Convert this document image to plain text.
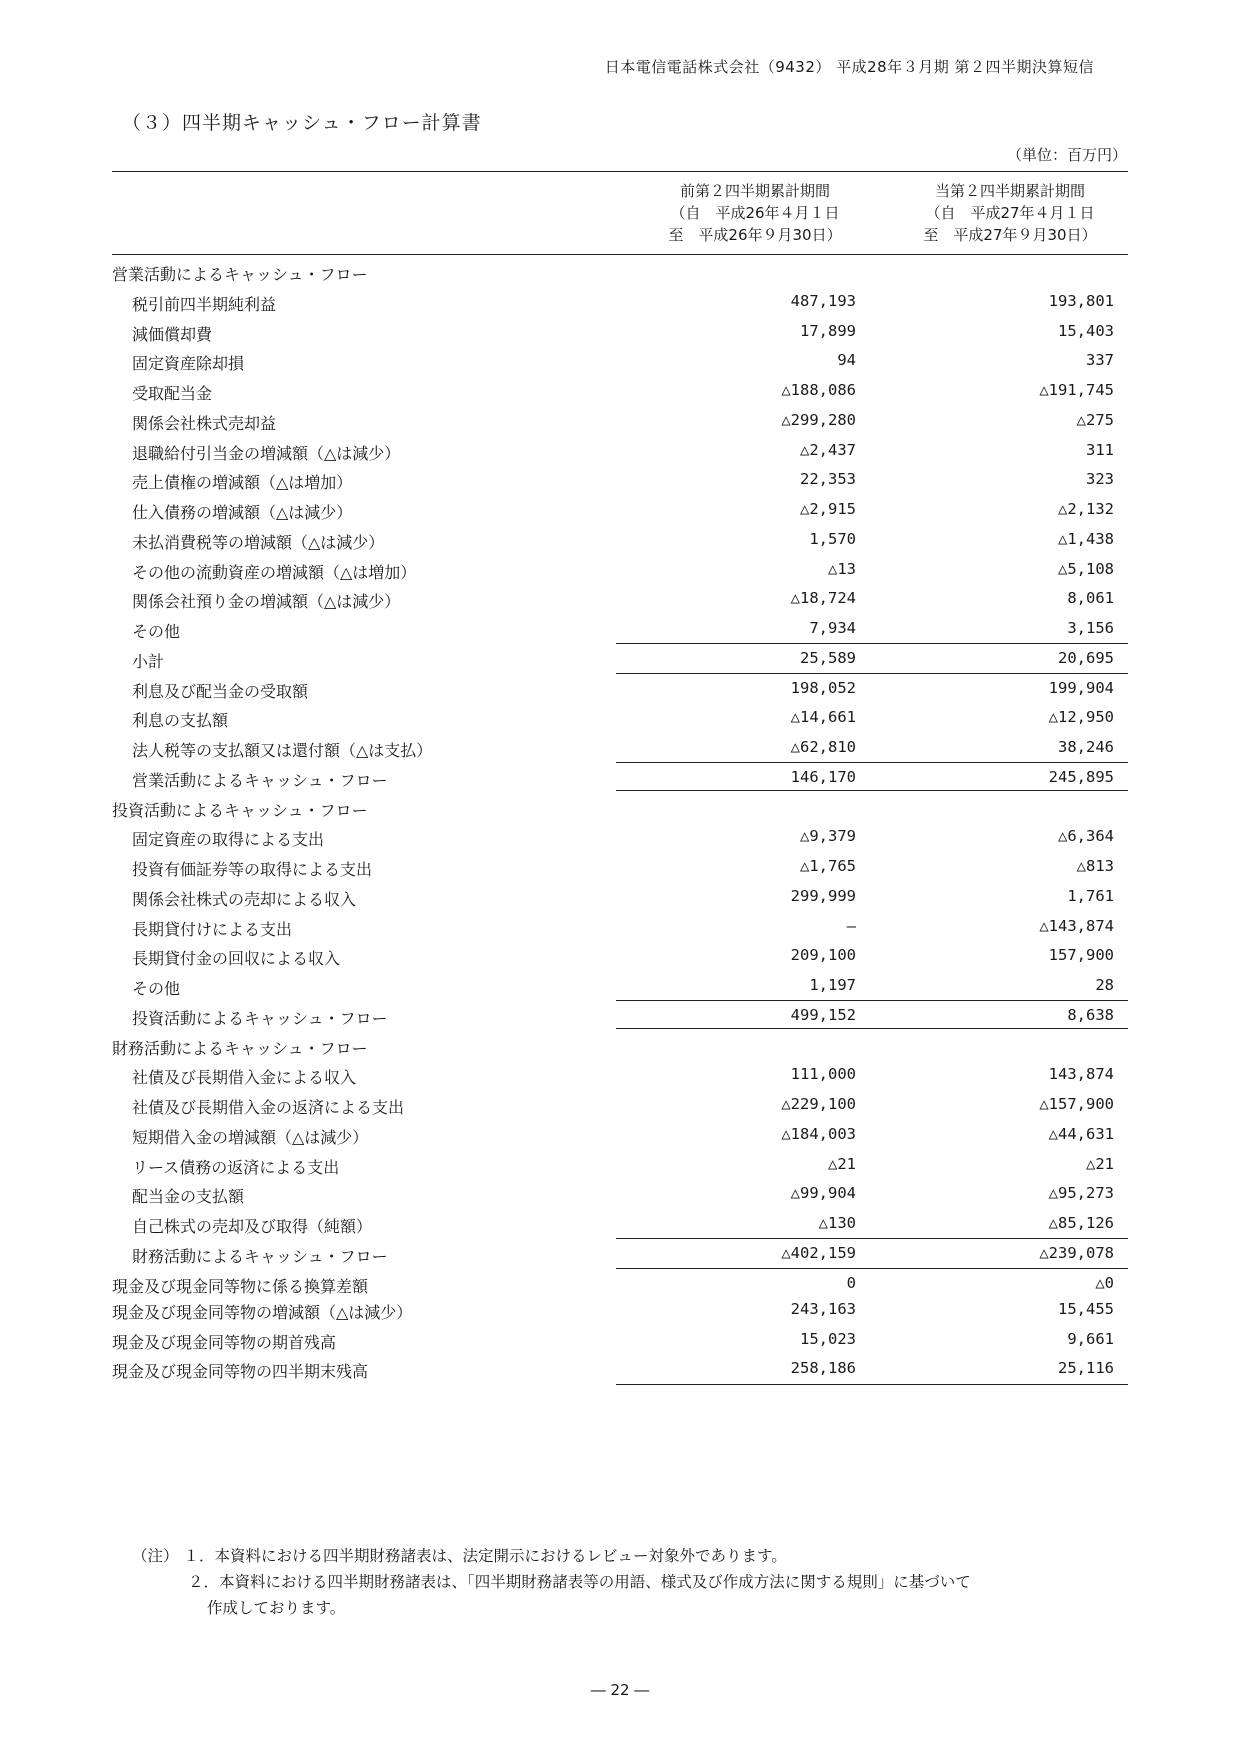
日本電信電話株式会社（9432） 平成28年３月期 第２四半期決算短信
（３）四半期キャッシュ・フロー計算書
（単位：百万円）
前第２四半期累計期間
（自　平成26年４月１日
至　平成26年９月30日）
当第２四半期累計期間
（自　平成27年４月１日
至　平成27年９月30日）
営業活動によるキャッシュ・フロー
税引前四半期純利益	487,193	193,801
減価償却費	17,899	15,403
固定資産除却損	94	337
受取配当金	△188,086	△191,745
関係会社株式売却益	△299,280	△275
退職給付引当金の増減額（△は減少）	△2,437	311
売上債権の増減額（△は増加）	22,353	323
仕入債務の増減額（△は減少）	△2,915	△2,132
未払消費税等の増減額（△は減少）	1,570	△1,438
その他の流動資産の増減額（△は増加）	△13	△5,108
関係会社預り金の増減額（△は減少）	△18,724	8,061
その他	7,934	3,156
小計	25,589	20,695
利息及び配当金の受取額	198,052	199,904
利息の支払額	△14,661	△12,950
法人税等の支払額又は還付額（△は支払）	△62,810	38,246
営業活動によるキャッシュ・フロー	146,170	245,895
投資活動によるキャッシュ・フロー
固定資産の取得による支出	△9,379	△6,364
投資有価証券等の取得による支出	△1,765	△813
関係会社株式の売却による収入	299,999	1,761
長期貸付けによる支出	―	△143,874
長期貸付金の回収による収入	209,100	157,900
その他	1,197	28
投資活動によるキャッシュ・フロー	499,152	8,638
財務活動によるキャッシュ・フロー
社債及び長期借入金による収入	111,000	143,874
社債及び長期借入金の返済による支出	△229,100	△157,900
短期借入金の増減額（△は減少）	△184,003	△44,631
リース債務の返済による支出	△21	△21
配当金の支払額	△99,904	△95,273
自己株式の売却及び取得（純額）	△130	△85,126
財務活動によるキャッシュ・フロー	△402,159	△239,078
現金及び現金同等物に係る換算差額	0	△0
現金及び現金同等物の増減額（△は減少）	243,163	15,455
現金及び現金同等物の期首残高	15,023	9,661
現金及び現金同等物の四半期末残高	258,186	25,116
（注） １．本資料における四半期財務諸表は、法定開示におけるレビュー対象外であります。
２．本資料における四半期財務諸表は、「四半期財務諸表等の用語、様式及び作成方法に関する規則」に基づいて
作成しております。
― 22 ―
